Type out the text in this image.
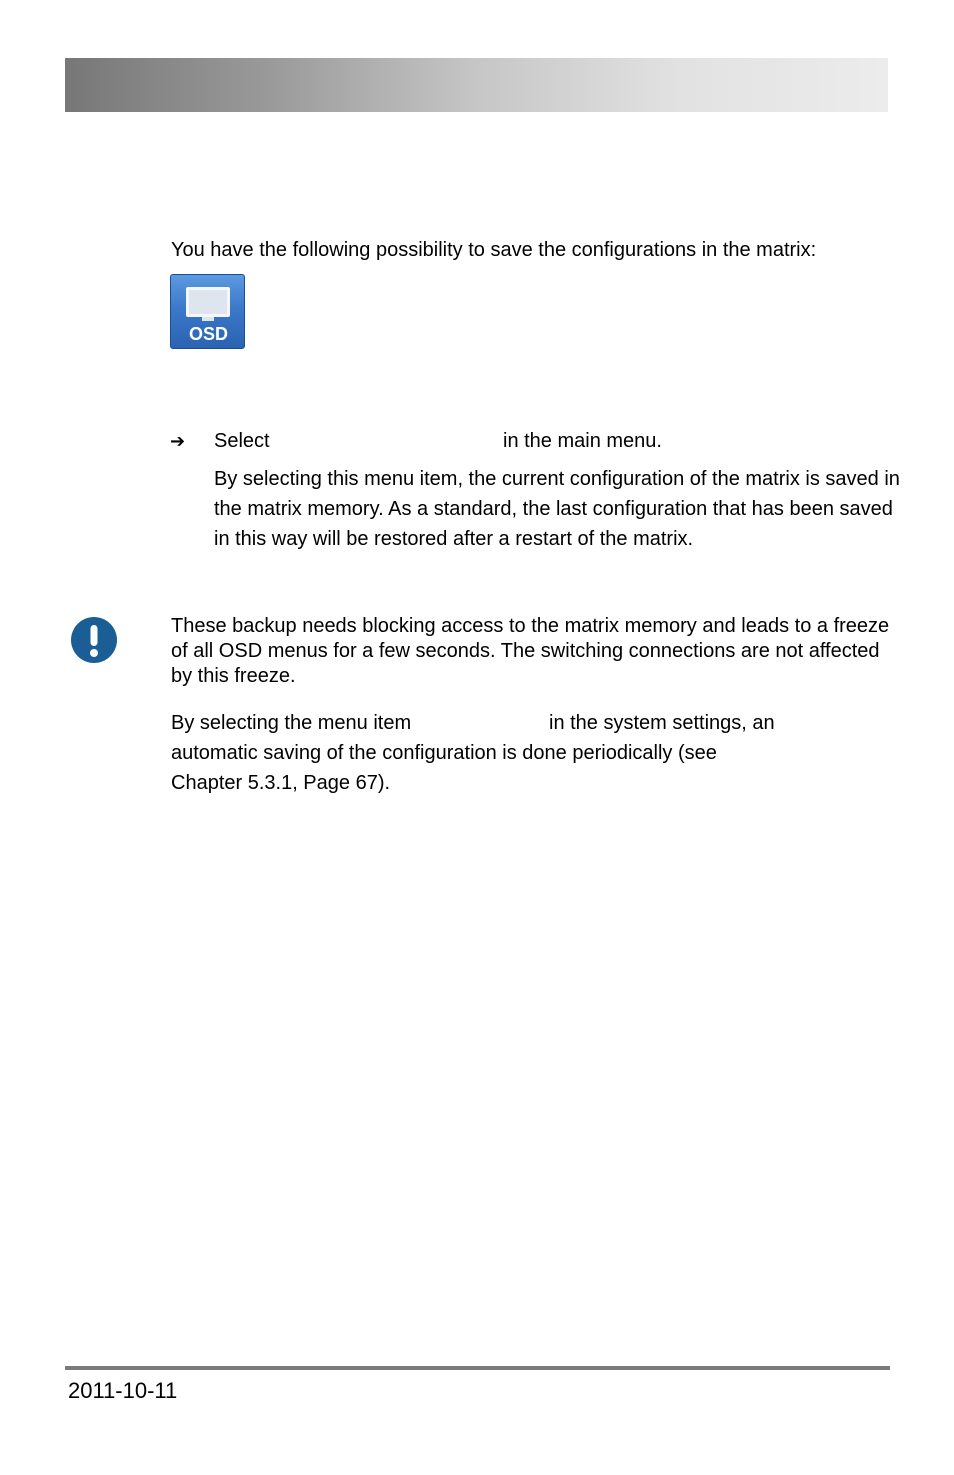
You have the following possibility to save the configurations in the matrix:
OSD
➔ Select	in the main menu.
By selecting this menu item, the current configuration of the matrix is saved in the matrix memory. As a standard, the last configuration that has been saved in this way will be restored after a restart of the matrix.
These backup needs blocking access to the matrix memory and leads to a freeze of all OSD menus for a few seconds. The switching connections are not affected by this freeze.
By selecting the menu item	in the system settings, an
automatic saving of the configuration is done periodically (see Chapter 5.3.1, Page 67).
2011-10-11
